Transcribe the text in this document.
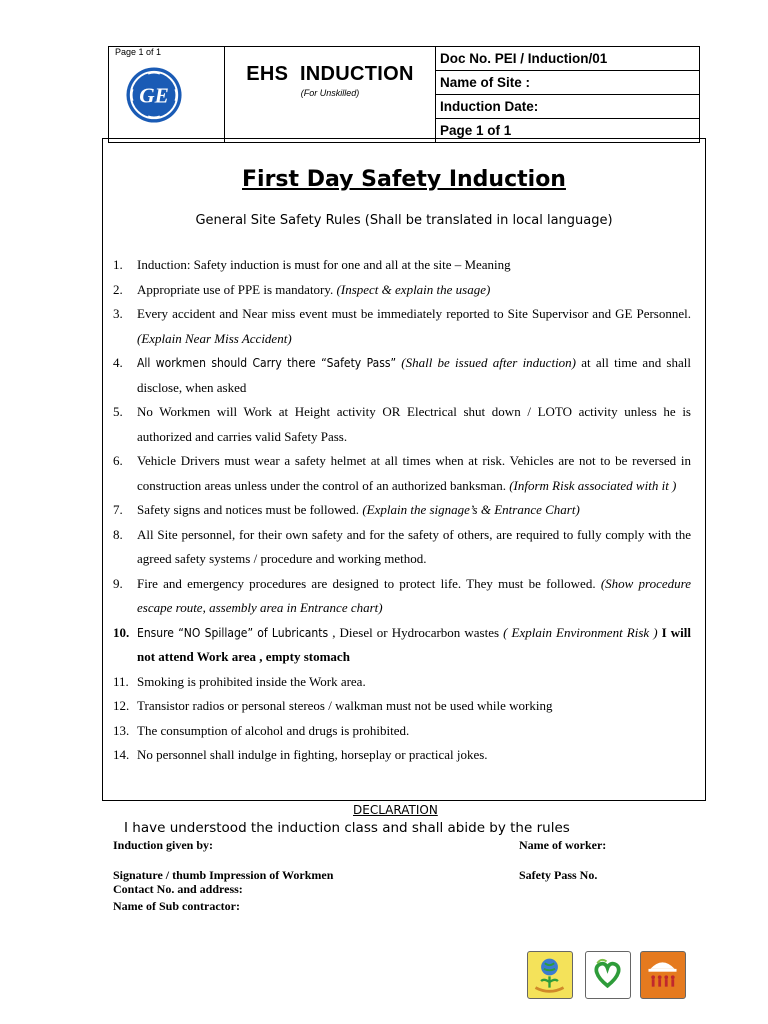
Page 1 of 1
GE

EHS  INDUCTION
(For Unskilled)
	Doc No. PEI / Induction/01
Name of Site :
Induction Date:
Page 1 of 1
First Day Safety Induction
General Site Safety Rules (Shall be translated in local language)
1. Induction: Safety induction is must for one and all at the site – Meaning
2. Appropriate use of PPE is mandatory. (Inspect & explain the usage)
3. Every accident and Near miss event must be immediately reported to Site Supervisor and GE Personnel. (Explain Near Miss Accident)
4. All workmen should Carry there “Safety Pass” (Shall be issued after induction) at all time and shall disclose, when asked
5. No Workmen will Work at Height activity OR Electrical shut down / LOTO activity unless he is authorized and carries valid Safety Pass.
6. Vehicle Drivers must wear a safety helmet at all times when at risk. Vehicles are not to be reversed in construction areas unless under the control of an authorized banksman. (Inform Risk associated with it )
7. Safety signs and notices must be followed. (Explain the signage’s & Entrance Chart)
8. All Site personnel, for their own safety and for the safety of others, are required to fully comply with the agreed safety systems / procedure and working method.
9. Fire and emergency procedures are designed to protect life. They must be followed. (Show procedure escape route, assembly area in Entrance chart)
10. Ensure “NO Spillage” of Lubricants , Diesel or Hydrocarbon wastes ( Explain Environment Risk ) I will not attend Work area , empty stomach
11. Smoking is prohibited inside the Work area.
12. Transistor radios or personal stereos / walkman must not be used while working
13. The consumption of alcohol and drugs is prohibited.
14. No personnel shall indulge in fighting, horseplay or practical jokes.
DECLARATION
I have understood the induction class and shall abide by the rules
Induction given by:	Name of worker:
Signature / thumb Impression of Workmen	Safety Pass No.
Contact No. and address:
Name of Sub contractor:
